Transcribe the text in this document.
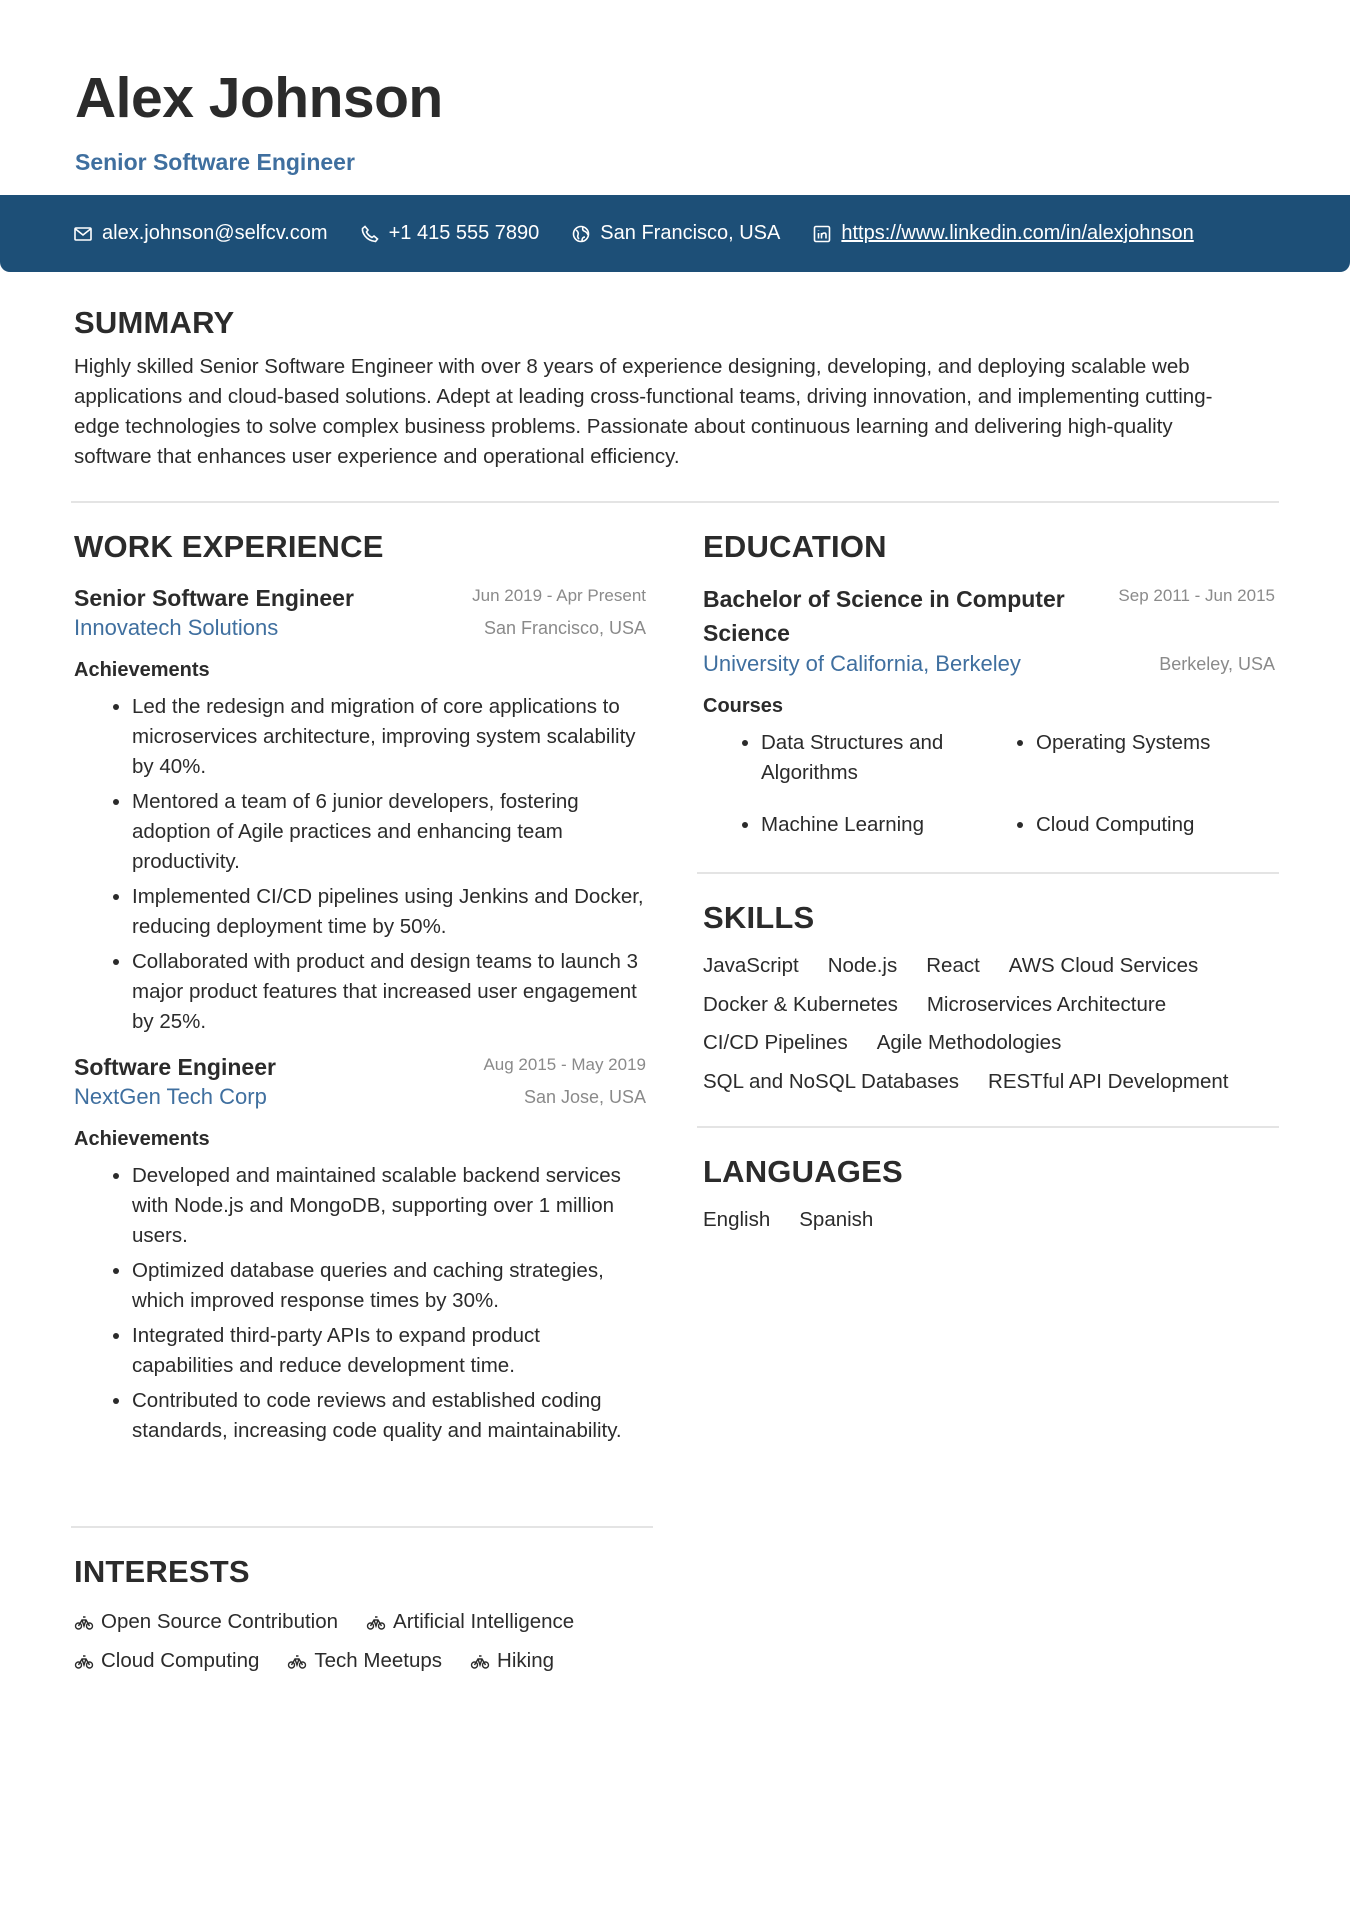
Alex Johnson
Senior Software Engineer
alex.johnson@selfcv.com	+1 415 555 7890	San Francisco, USA	https://www.linkedin.com/in/alexjohnson
SUMMARY

Highly skilled Senior Software Engineer with over 8 years of experience designing, developing, and deploying scalable web applications and cloud-based solutions. Adept at leading cross-functional teams, driving innovation, and implementing cutting-edge technologies to solve complex business problems. Passionate about continuous learning and delivering high-quality software that enhances user experience and operational efficiency.

WORK EXPERIENCE
Senior Software Engineer	Jun 2019 - Apr Present
Innovatech Solutions	San Francisco, USA
Achievements
• Led the redesign and migration of core applications to microservices architecture, improving system scalability by 40%.
• Mentored a team of 6 junior developers, fostering adoption of Agile practices and enhancing team productivity.
• Implemented CI/CD pipelines using Jenkins and Docker, reducing deployment time by 50%.
• Collaborated with product and design teams to launch 3 major product features that increased user engagement by 25%.
Software Engineer	Aug 2015 - May 2019
NextGen Tech Corp	San Jose, USA
Achievements
• Developed and maintained scalable backend services with Node.js and MongoDB, supporting over 1 million users.
• Optimized database queries and caching strategies, which improved response times by 30%.
• Integrated third-party APIs to expand product capabilities and reduce development time.
• Contributed to code reviews and established coding standards, increasing code quality and maintainability.
INTERESTS
Open Source Contribution	Artificial Intelligence
Cloud Computing	Tech Meetups	Hiking
EDUCATION
Bachelor of Science in Computer Science
Sep 2011 - Jun 2015
University of California, Berkeley	Berkeley, USA
Courses
• Data Structures and Algorithms
• Operating Systems
• Machine Learning
•	Cloud Computing
SKILLS
JavaScript Node.js React AWS Cloud Services
Docker & Kubernetes Microservices Architecture
CI/CD Pipelines Agile Methodologies
SQL and NoSQL Databases RESTful API Development
LANGUAGES
English Spanish
